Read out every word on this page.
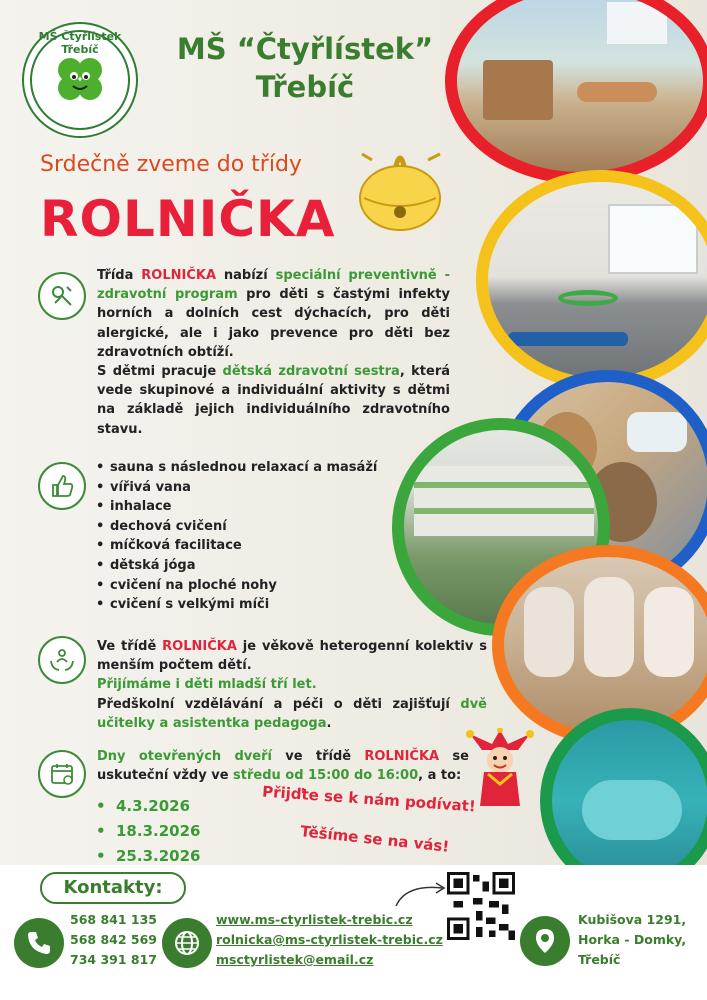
MŠ Čtyřlístek Třebíč	MŠ “Čtyřlístek”
Třebíč
Srdečně zveme do třídy
ROLNIČKA
Třída ROLNIČKA nabízí speciální preventivně - zdravotní program pro děti s častými infekty horních a dolních cest dýchacích, pro děti alergické, ale i jako prevence pro děti bez zdravotních obtíží.
S dětmi pracuje dětská zdravotní sestra, která vede skupinové a individuální aktivity s dětmi na základě jejich individuálního zdravotního stavu.
• sauna s následnou relaxací a masáží
• vířivá vana
• inhalace
• dechová cvičení
• míčková facilitace
• dětská jóga
• cvičení na ploché nohy
• cvičení s velkými míči
Ve třídě ROLNIČKA je věkově heterogenní kolektiv s menším počtem dětí.
Přijímáme i děti mladší tří let.
Předškolní vzdělávání a péči o děti zajišťují dvě učitelky a asistentka pedagoga.
Dny otevřených dveří ve třídě ROLNIČKA se uskuteční vždy ve středu od 15:00 do 16:00, a to:
• 4.3.2026
• 18.3.2026
• 25.3.2026
Přijďte se k nám podívat!
Těšíme se na vás!
Kontakty:
568 841 135
568 842 569
734 391 817
www.ms-ctyrlistek-trebic.cz
rolnicka@ms-ctyrlistek-trebic.cz
msctyrlistek@email.cz
Kubišova 1291,
Horka - Domky,
Třebíč
